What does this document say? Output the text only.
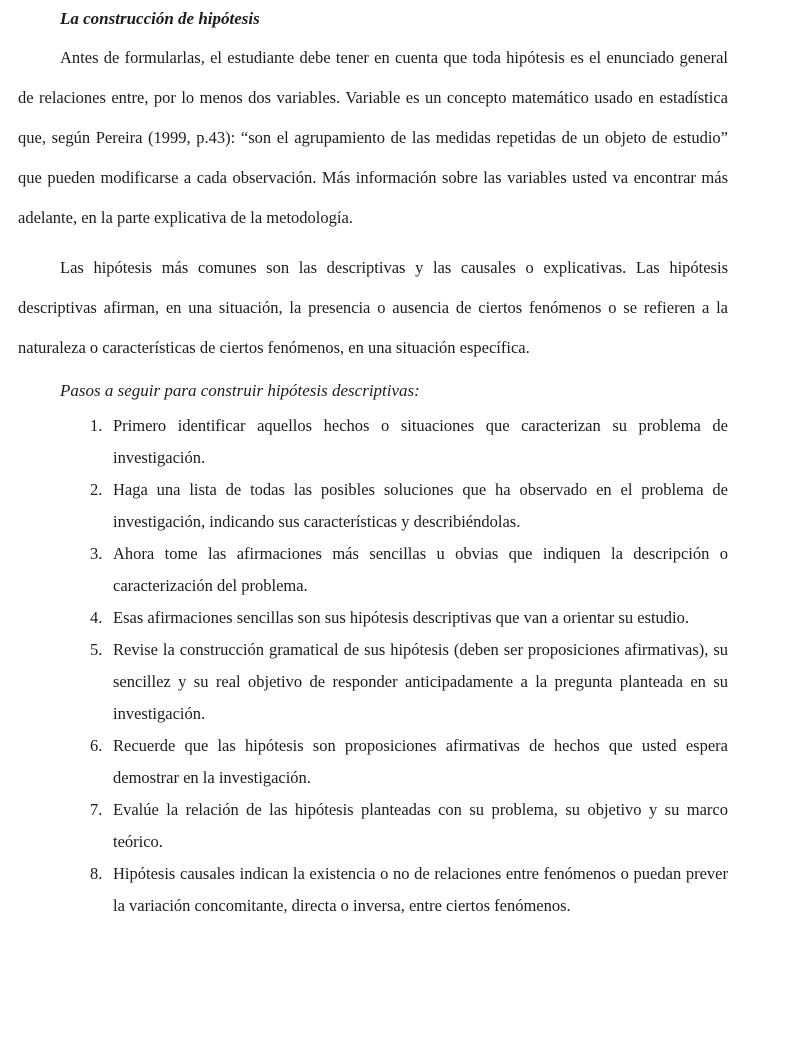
La construcción de hipótesis

Antes de formularlas, el estudiante debe tener en cuenta que toda hipótesis es el enunciado general de relaciones entre, por lo menos dos variables. Variable es un concepto matemático usado en estadística que, según Pereira (1999, p.43): “son el agrupamiento de las medidas repetidas de un objeto de estudio” que pueden modificarse a cada observación. Más información sobre las variables usted va encontrar más adelante, en la parte explicativa de la metodología.

Las hipótesis más comunes son las descriptivas y las causales o explicativas. Las hipótesis descriptivas afirman, en una situación, la presencia o ausencia de ciertos fenómenos o se refieren a la naturaleza o características de ciertos fenómenos, en una situación específica.

Pasos a seguir para construir hipótesis descriptivas:
1. Primero identificar aquellos hechos o situaciones que caracterizan su problema de investigación.
2. Haga una lista de todas las posibles soluciones que ha observado en el problema de investigación, indicando sus características y describiéndolas.
3. Ahora tome las afirmaciones más sencillas u obvias que indiquen la descripción o caracterización del problema.
4. Esas afirmaciones sencillas son sus hipótesis descriptivas que van a orientar su estudio.
5. Revise la construcción gramatical de sus hipótesis (deben ser proposiciones afirmativas), su sencillez y su real objetivo de responder anticipadamente a la pregunta planteada en su investigación.
6. Recuerde que las hipótesis son proposiciones afirmativas de hechos que usted espera demostrar en la investigación.
7. Evalúe la relación de las hipótesis planteadas con su problema, su objetivo y su marco teórico.
8. Hipótesis causales indican la existencia o no de relaciones entre fenómenos o puedan prever la variación concomitante, directa o inversa, entre ciertos fenómenos.
